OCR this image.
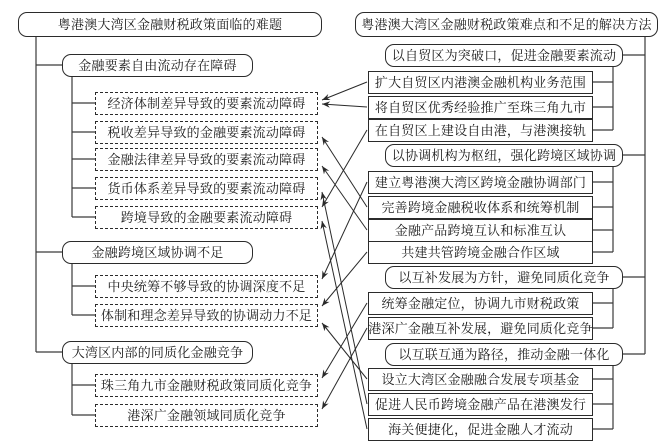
粤港澳大湾区金融财税政策面临的难题
金融要素自由流动存在障碍
经济体制差异导致的要素流动障碍
税收差异导致的金融要素流动障碍
金融法律差异导致的要素流动障碍
货币体系差异导致的要素流动障碍
跨境导致的金融要素流动障碍
金融跨境区域协调不足
中央统筹不够导致的协调深度不足
体制和理念差异导致的协调动力不足
大湾区内部的同质化金融竞争
珠三角九市金融财税政策同质化竞争
港深广金融领域同质化竞争
粤港澳大湾区金融财税政策难点和不足的解决方法
以自贸区为突破口，促进金融要素流动
扩大自贸区内港澳金融机构业务范围
将自贸区优秀经验推广至珠三角九市
在自贸区上建设自由港，与港澳接轨
以协调机构为枢纽，强化跨境区域协调
建立粤港澳大湾区跨境金融协调部门
完善跨境金融税收体系和统筹机制
金融产品跨境互认和标准互认
共建共管跨境金融合作区域
以互补发展为方针，避免同质化竞争
统筹金融定位，协调九市财税政策
港深广金融互补发展，避免同质化竞争
以互联互通为路径，推动金融一体化
设立大湾区金融融合发展专项基金
促进人民币跨境金融产品在港澳发行
海关便捷化，促进金融人才流动
